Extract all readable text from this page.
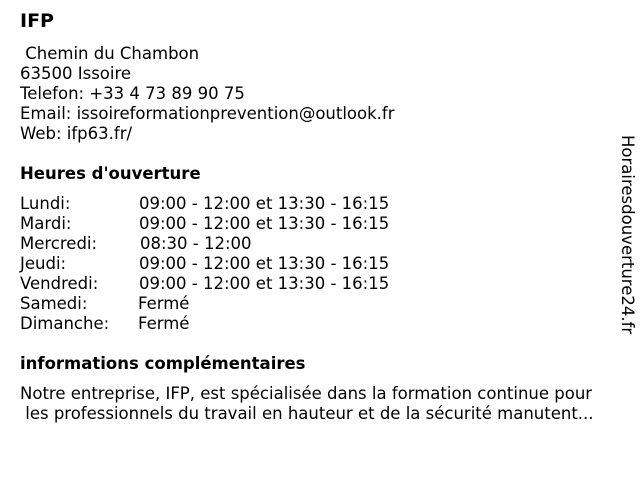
IFP
Chemin du Chambon
63500 Issoire
Telefon: +33 4 73 89 90 75
Email: issoireformationprevention@outlook.fr
Web: ifp63.fr/
Heures d'ouverture
Lundi:	09:00 - 12:00 et 13:30 - 16:15
Mardi:	09:00 - 12:00 et 13:30 - 16:15
Mercredi:	08:30 - 12:00
Jeudi:	09:00 - 12:00 et 13:30 - 16:15
Vendredi: 09:00 - 12:00 et 13:30 - 16:15
Samedi:	Fermé
Dimanche: Fermé
informations complémentaires
Notre entreprise, IFP, est spécialisée dans la formation continue pour
les professionnels du travail en hauteur et de la sécurité manutent...
Horairesdouverture24.fr
